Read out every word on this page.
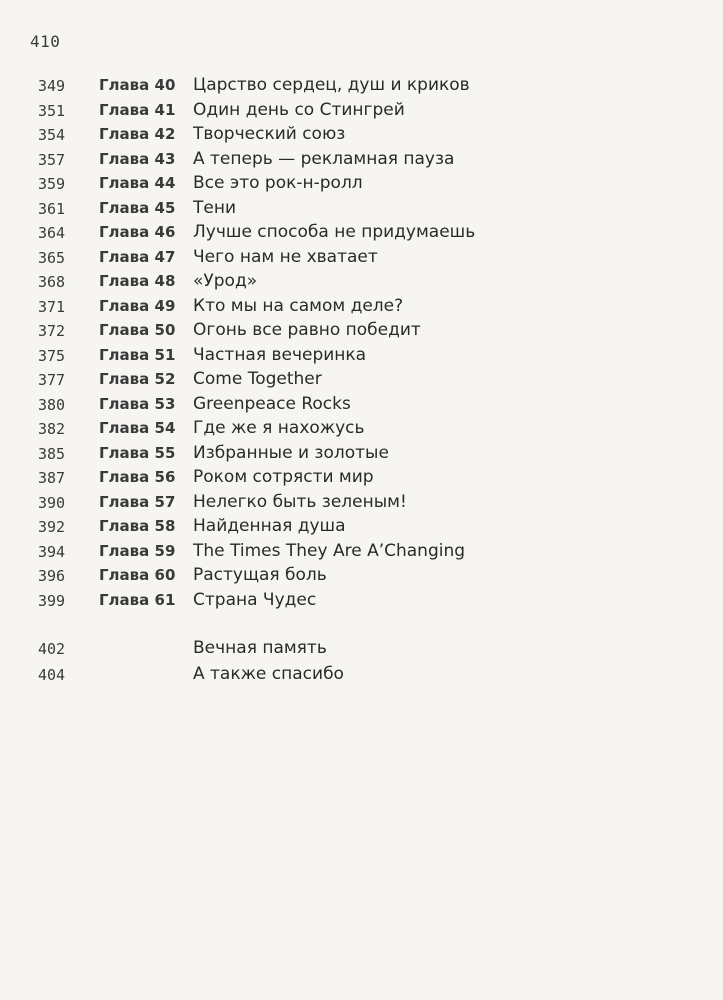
410
349	Глава 40 Царство сердец, душ и криков
351	Глава 41 Один день со Стингрей
354	Глава 42 Творческий союз
357	Глава 43 А теперь — рекламная пауза
359	Глава 44 Все это рок-н-ролл
361	Глава 45 Тени
364	Глава 46 Лучше способа не придумаешь
365	Глава 47 Чего нам не хватает
368	Глава 48 «Урод»
371	Глава 49 Кто мы на самом деле?
372	Глава 50 Огонь все равно победит
375	Глава 51 Частная вечеринка
377	Глава 52 Come Together
380	Глава 53 Greenpeace Rocks
382	Глава 54 Где же я нахожусь
385	Глава 55 Избранные и золотые
387	Глава 56 Роком сотрясти мир
390	Глава 57 Нелегко быть зеленым!
392	Глава 58 Найденная душа
394	Глава 59 The Times They Are A’Changing
396	Глава 60 Растущая боль
399	Глава 61 Страна Чудес
402	Вечная память
404	А также спасибо
